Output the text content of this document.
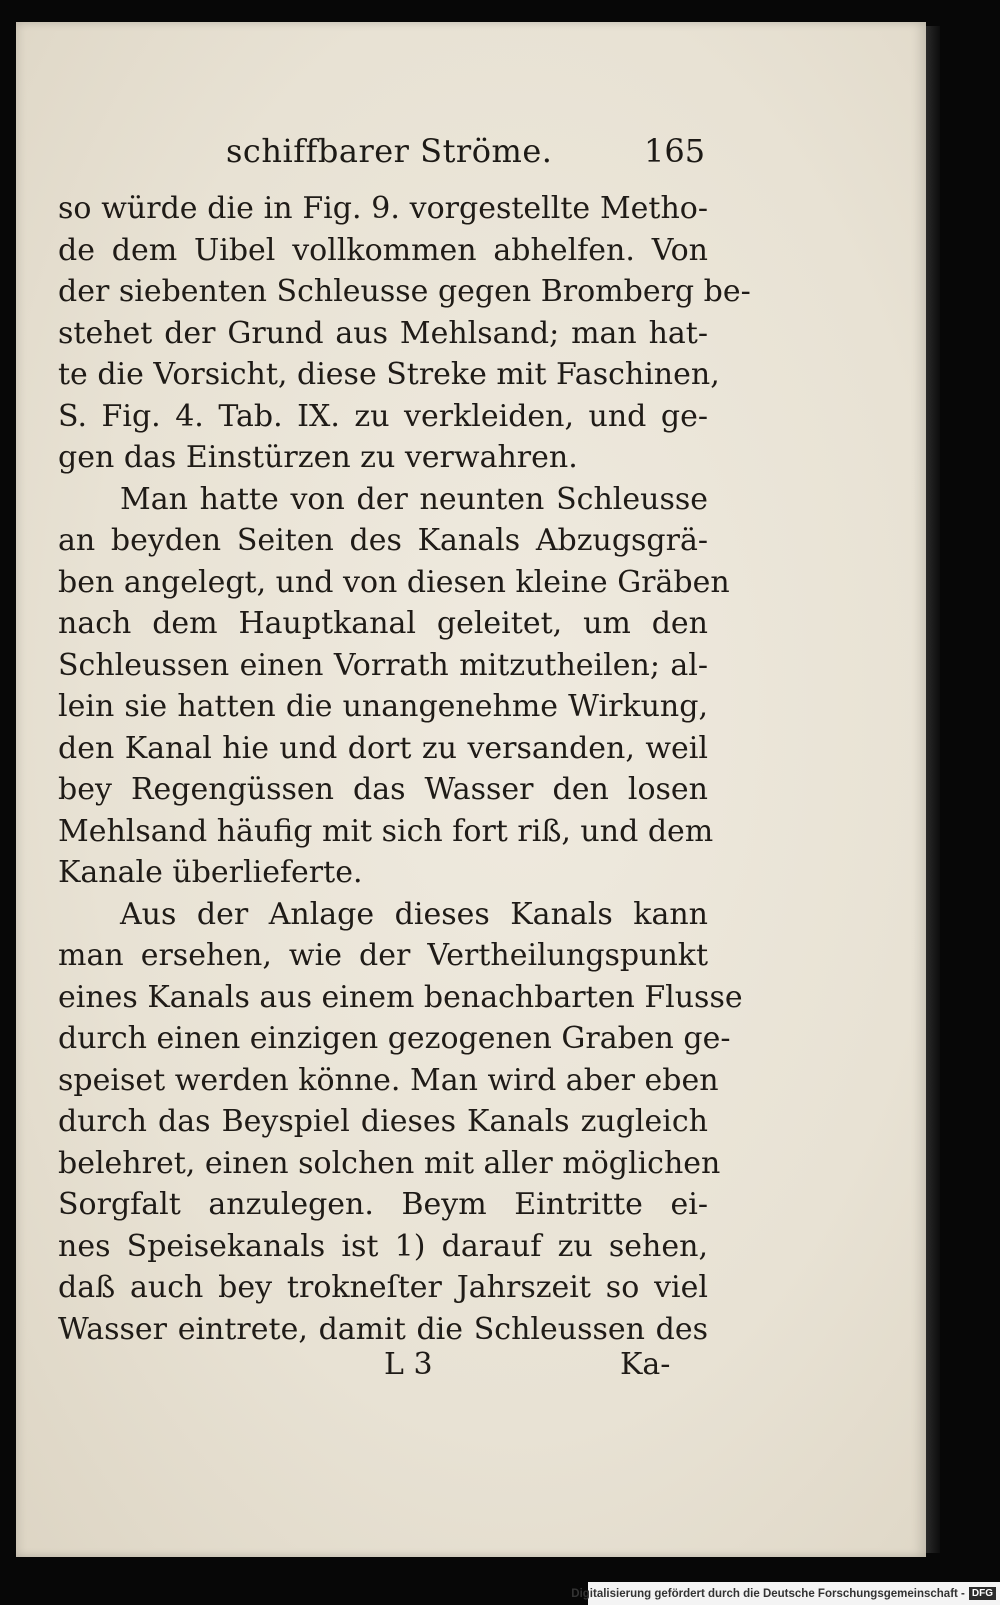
schiffbarer Ströme.	165
so würde die in Fig. 9. vorgestellte Metho-
de dem Uibel vollkommen abhelfen. Von
der siebenten Schleusse gegen Bromberg be-
stehet der Grund aus Mehlsand; man hat-
te die Vorsicht, diese Streke mit Faschinen,
S. Fig. 4. Tab. IX. zu verkleiden, und ge-
gen das Einstürzen zu verwahren.
Man hatte von der neunten Schleusse
an beyden Seiten des Kanals Abzugsgrä-
ben angelegt, und von diesen kleine Gräben
nach dem Hauptkanal geleitet, um den
Schleussen einen Vorrath mitzutheilen; al-
lein sie hatten die unangenehme Wirkung,
den Kanal hie und dort zu versanden, weil
bey Regengüssen das Wasser den losen
Mehlsand häufig mit sich fort riß, und dem
Kanale überlieferte.
Aus der Anlage dieses Kanals kann
man ersehen, wie der Vertheilungspunkt
eines Kanals aus einem benachbarten Flusse
durch einen einzigen gezogenen Graben ge-
speiset werden könne. Man wird aber eben
durch das Beyspiel dieses Kanals zugleich
belehret, einen solchen mit aller möglichen
Sorgfalt anzulegen. Beym Eintritte ei-
nes Speisekanals ist 1) darauf zu sehen,
daß auch bey trokneſter Jahrszeit so viel
Wasser eintrete, damit die Schleussen des
L 3	Ka-
Digitalisierung gefördert durch die Deutsche Forschungsgemeinschaft - DFG
